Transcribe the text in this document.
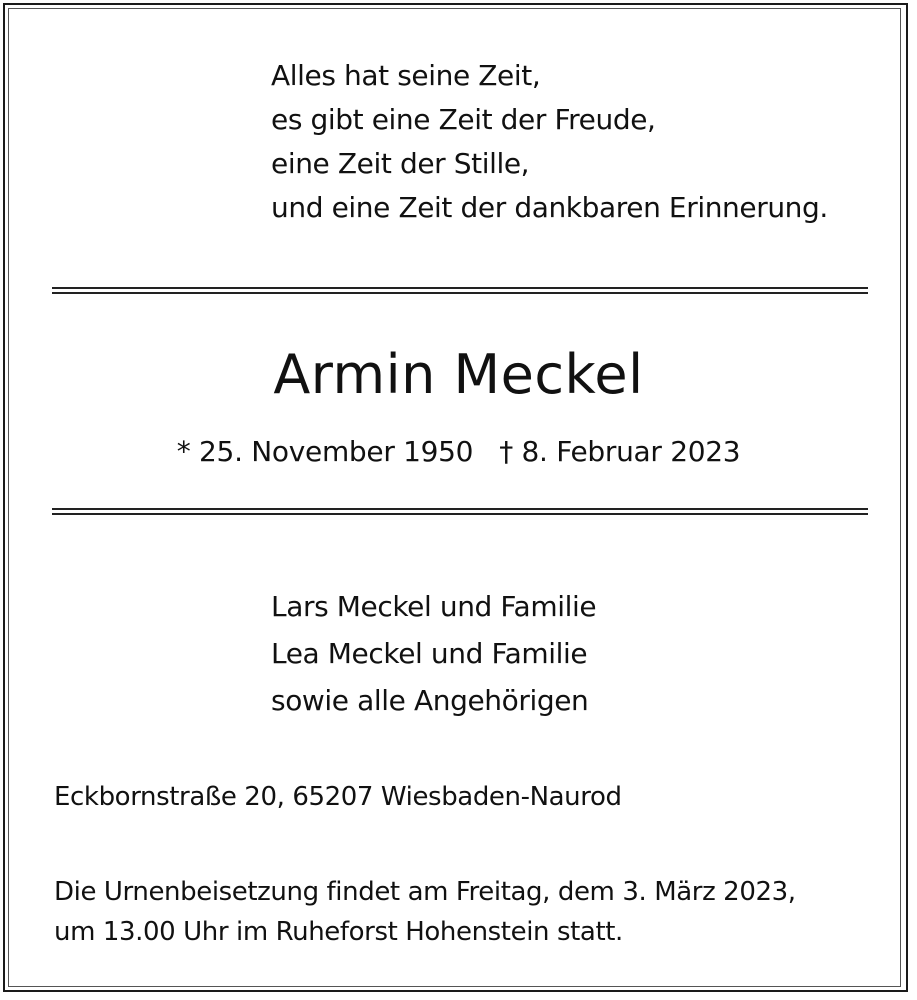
Alles hat seine Zeit,
es gibt eine Zeit der Freude,
eine Zeit der Stille,
und eine Zeit der dankbaren Erinnerung.
Armin Meckel
* 25. November 1950 † 8. Februar 2023
Lars Meckel und Familie
Lea Meckel und Familie
sowie alle Angehörigen
Eckbornstraße 20, 65207 Wiesbaden-Naurod
Die Urnenbeisetzung findet am Freitag, dem 3. März 2023,
um 13.00 Uhr im Ruheforst Hohenstein statt.
